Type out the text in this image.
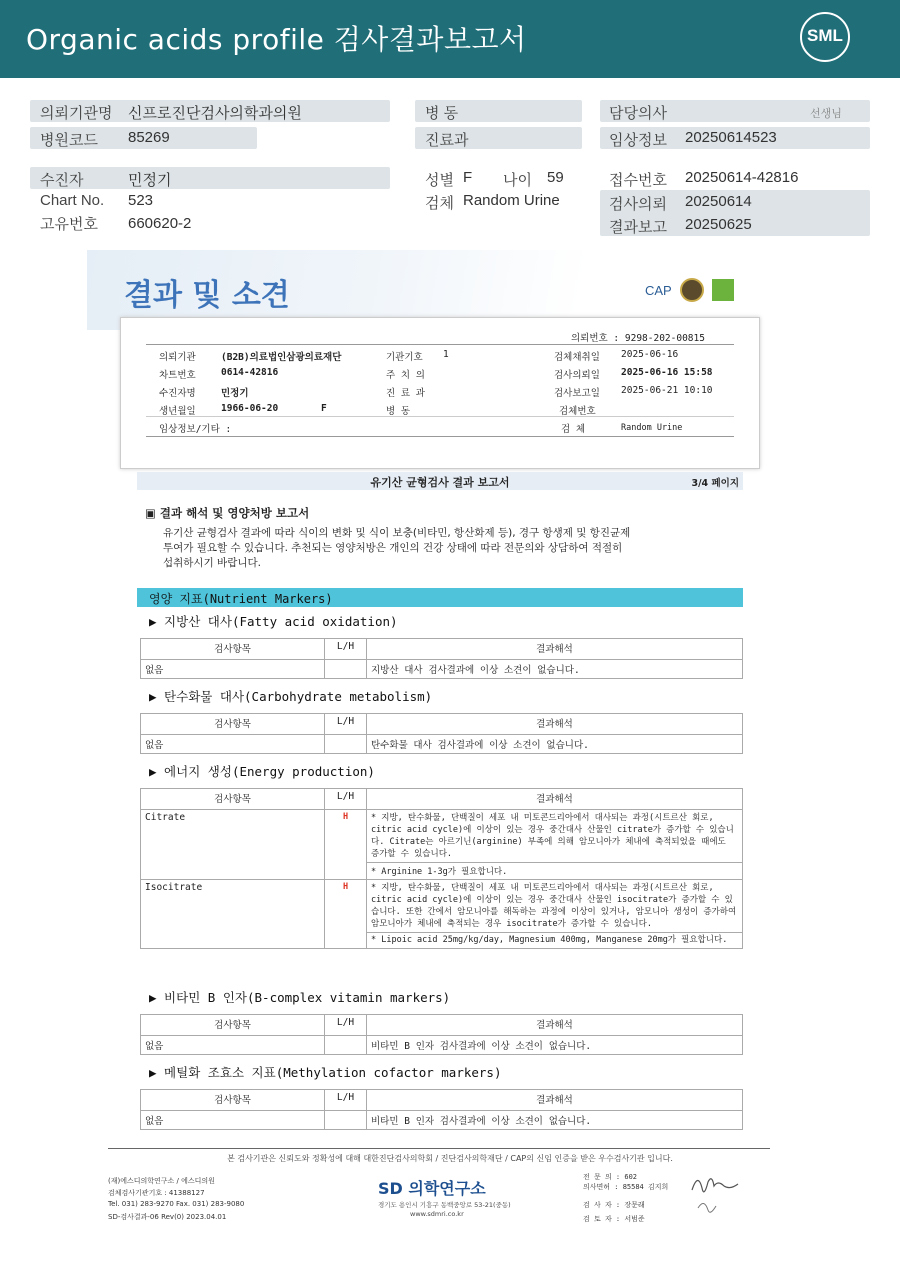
Organic acids profile 검사결과보고서	SML
의뢰기관명 신프로진단검사의학과의원
병원코드 85269
병 동
진료과
담당의사	선생님
임상정보 20250614523
수진자	민정기
Chart No. 523
고유번호 660620-2
성별 F 나이 59
검체 Random Urine
접수번호 20250614-42816
검사의뢰 20250614
결과보고 20250625
결과 및 소견	CAP
의뢰번호 : 9298-202-00815
의뢰기관	(B2B)의료법인삼광의료재단	기관기호 1	검체채취일 2025-06-16
차트번호	0614-42816	주 치 의	검사의뢰일 2025-06-16 15:58
수진자명	민정기	진 료 과	검사보고일 2025-06-21 10:10
생년월일	1966-06-20	F	병 동	검체번호
임상정보/기타 :	검 체	Random Urine
유기산 균형검사 결과 보고서	3/4 페이지
▣ 결과 해석 및 영양처방 보고서
유기산 균형검사 결과에 따라 식이의 변화 및 식이 보충(비타민, 항산화제 등), 경구 항생제 및 항진균제
투여가 필요할 수 있습니다. 추천되는 영양처방은 개인의 건강 상태에 따라 전문의와 상담하여 적절히
섭취하시기 바랍니다.
영양 지표(Nutrient Markers)
▶ 지방산 대사(Fatty acid oxidation)
검사항목	L/H	결과해석
없음		지방산 대사 검사결과에 이상 소견이 없습니다.
▶ 탄수화물 대사(Carbohydrate metabolism)
검사항목	L/H	결과해석
없음		탄수화물 대사 검사결과에 이상 소견이 없습니다.
▶ 에너지 생성(Energy production)
검사항목	L/H	결과해석
Citrate	H	* 지방, 탄수화물, 단백질이 세포 내 미토콘드리아에서 대사되는 과정(시트르산 회로, citric acid cycle)에 이상이 있는 경우 중간대사 산물인 citrate가 증가할 수 있습니다. Citrate는 아르기닌(arginine) 부족에 의해 암모니아가 체내에 축적되었을 때에도 증가할 수 있습니다.
		* Arginine 1-3g가 필요합니다.
Isocitrate	H	* 지방, 탄수화물, 단백질이 세포 내 미토콘드리아에서 대사되는 과정(시트르산 회로, citric acid cycle)에 이상이 있는 경우 중간대사 산물인 isocitrate가 증가할 수 있습니다. 또한 간에서 암모니아를 해독하는 과정에 이상이 있거나, 암모니아 생성이 증가하여 암모니아가 체내에 축적되는 경우 isocitrate가 증가할 수 있습니다.
		* Lipoic acid 25mg/kg/day, Magnesium 400mg, Manganese 20mg가 필요합니다.
▶ 비타민 B 인자(B-complex vitamin markers)
검사항목	L/H	결과해석
없음		비타민 B 인자 검사결과에 이상 소견이 없습니다.
▶ 메틸화 조효소 지표(Methylation cofactor markers)
검사항목	L/H	결과해석
없음		비타민 B 인자 검사결과에 이상 소견이 없습니다.
본 검사기관은 신뢰도와 정확성에 대해 대한진단검사의학회 / 진단검사의학재단 / CAP의 신임 인증을 받은 우수검사기관 입니다.
(재)에스디의학연구소 / 에스디의원
검체검사기관기호 : 41388127
Tel. 031) 283-9270 Fax. 031) 283-9080
SD-검사결과-06 Rev(0) 2023.04.01
SD 의학연구소
경기도 용인시 기흥구 동백중앙로 53-21(중동)
www.sdmri.co.kr
전 문 의 : 602
의사면허 : 85584 김지희
검 사 자 : 장문래
검 토 자 : 서범준
